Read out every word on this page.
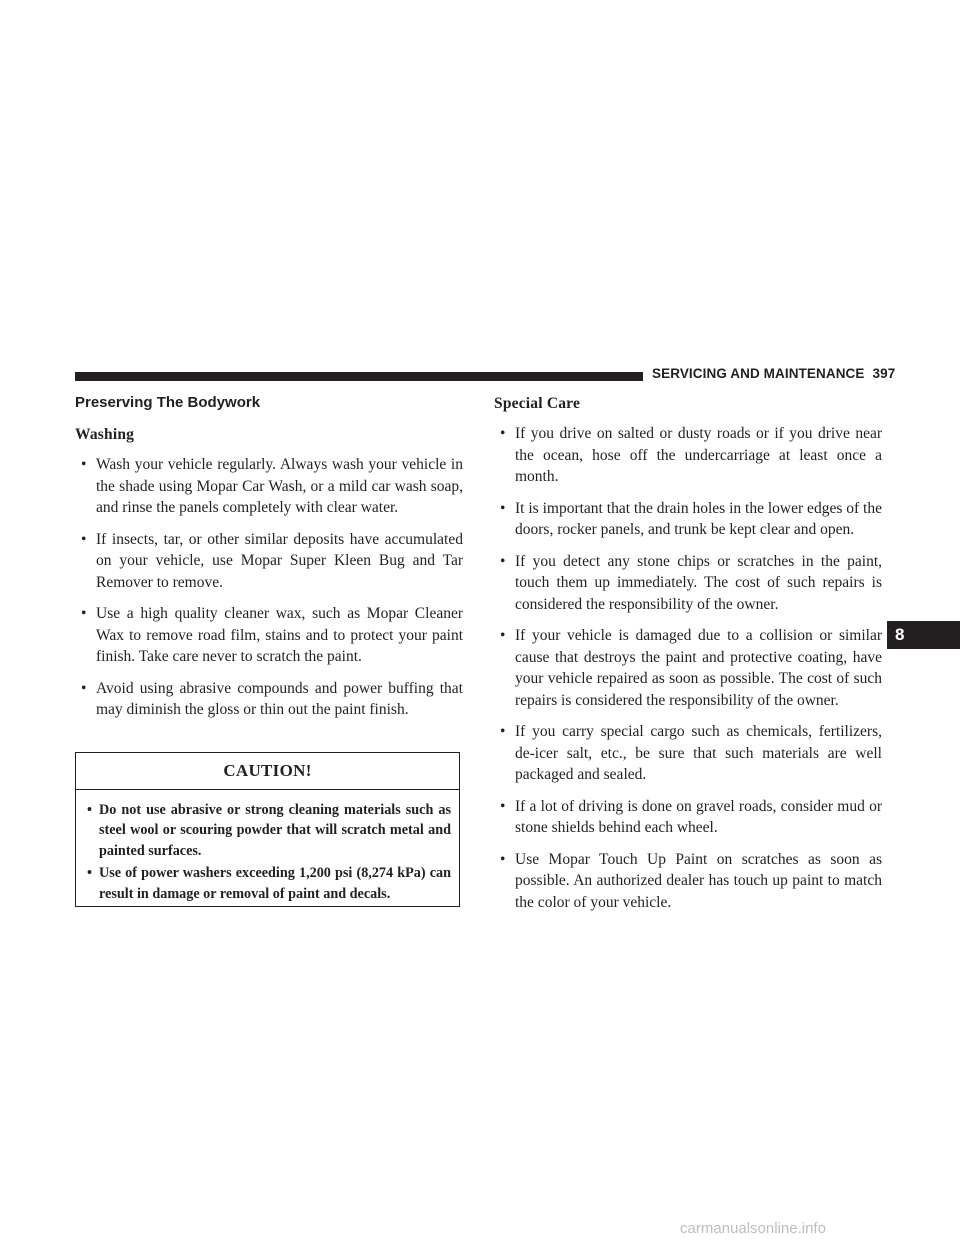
SERVICING AND MAINTENANCE 397
Preserving The Bodywork
Washing
• Wash your vehicle regularly. Always wash your vehicle in the shade using Mopar Car Wash, or a mild car wash soap, and rinse the panels completely with clear water.
• If insects, tar, or other similar deposits have accumulated on your vehicle, use Mopar Super Kleen Bug and Tar Remover to remove.
• Use a high quality cleaner wax, such as Mopar Cleaner Wax to remove road film, stains and to protect your paint finish. Take care never to scratch the paint.
• Avoid using abrasive compounds and power buffing that may diminish the gloss or thin out the paint finish.
CAUTION!
• Do not use abrasive or strong cleaning materials such as steel wool or scouring powder that will scratch metal and painted surfaces.
• Use of power washers exceeding 1,200 psi (8,274 kPa) can result in damage or removal of paint and decals.
Special Care
• If you drive on salted or dusty roads or if you drive near the ocean, hose off the undercarriage at least once a month.
• It is important that the drain holes in the lower edges of the doors, rocker panels, and trunk be kept clear and open.
• If you detect any stone chips or scratches in the paint, touch them up immediately. The cost of such repairs is considered the responsibility of the owner.
• If your vehicle is damaged due to a collision or similar cause that destroys the paint and protective coating, have your vehicle repaired as soon as possible. The cost of such repairs is considered the responsibility of the owner.
• If you carry special cargo such as chemicals, fertilizers, de-icer salt, etc., be sure that such materials are well packaged and sealed.
• If a lot of driving is done on gravel roads, consider mud or stone shields behind each wheel.
• Use Mopar Touch Up Paint on scratches as soon as possible. An authorized dealer has touch up paint to match the color of your vehicle.
8
carmanualsonline.info
